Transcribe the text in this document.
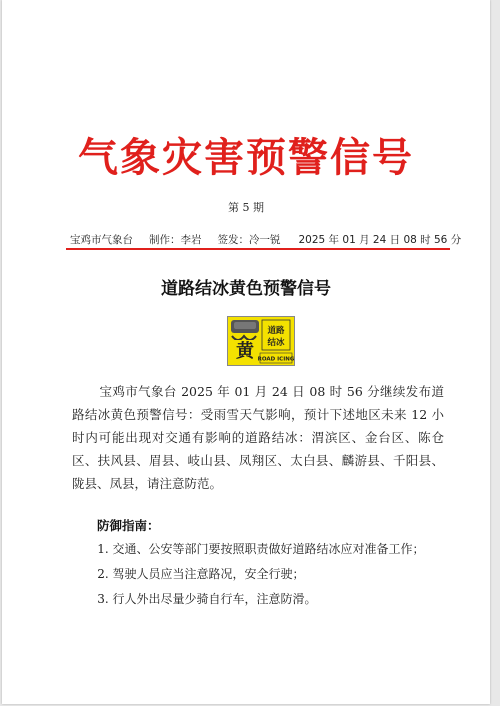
气象灾害预警信号
第 5 期
宝鸡市气象台 制作：李岩 签发：冷一锐 2025 年 01 月 24 日 08 时 56 分
道路结冰黄色预警信号
黄
道路
结冰
ROAD ICING
宝鸡市气象台 2025 年 01 月 24 日 08 时 56 分继续发布道路结冰黄色预警信号：受雨雪天气影响，预计下述地区未来 12 小时内可能出现对交通有影响的道路结冰：渭滨区、金台区、陈仓区、扶风县、眉县、岐山县、凤翔区、太白县、麟游县、千阳县、陇县、凤县，请注意防范。
防御指南：
1. 交通、公安等部门要按照职责做好道路结冰应对准备工作；
2. 驾驶人员应当注意路况，安全行驶；
3. 行人外出尽量少骑自行车，注意防滑。
